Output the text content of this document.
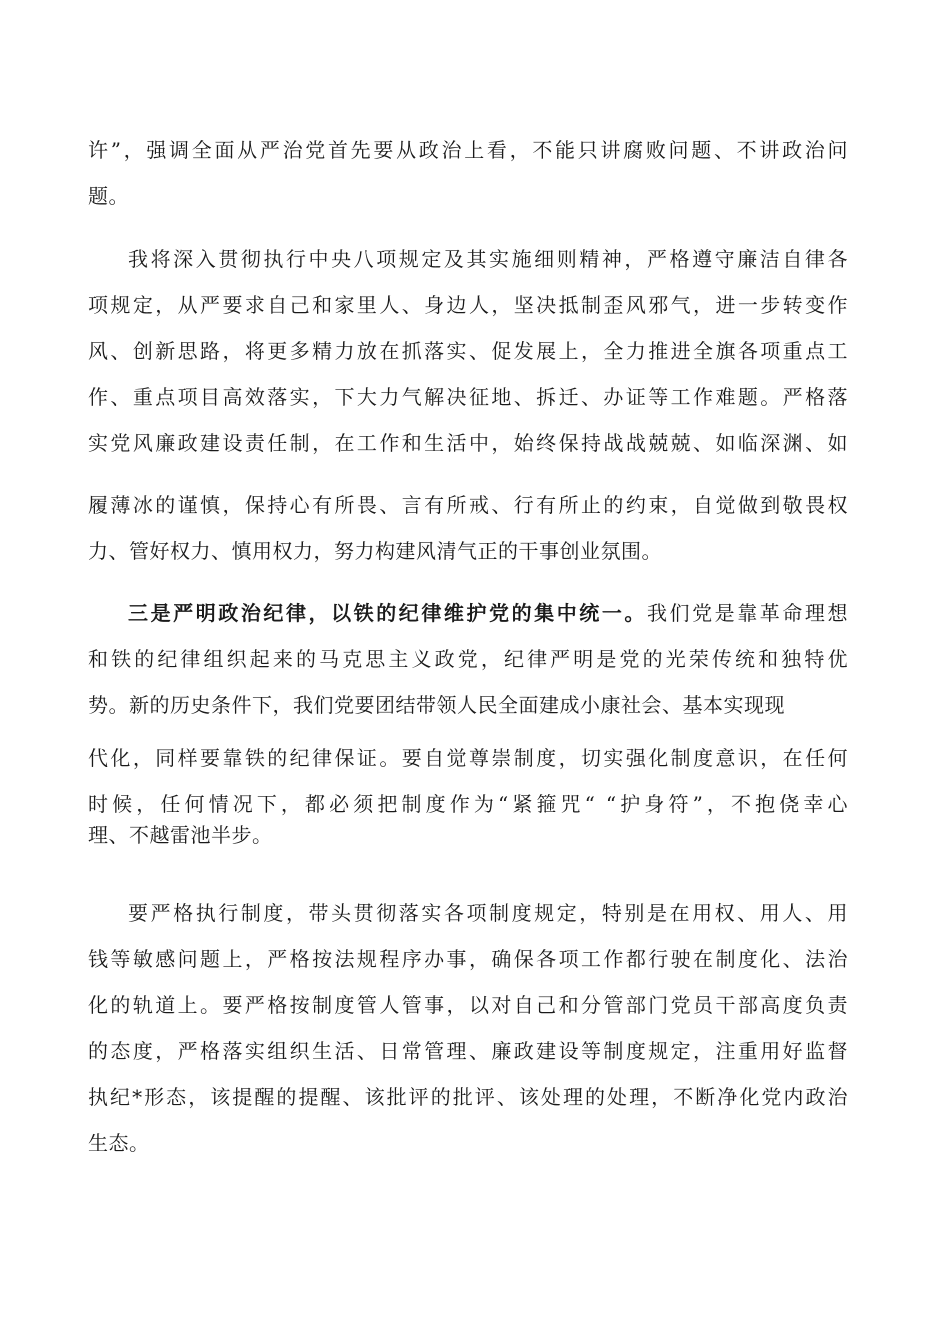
许”，强调全面从严治党首先要从政治上看，不能只讲腐败问题、不讲政治问
题。
我将深入贯彻执行中央八项规定及其实施细则精神，严格遵守廉洁自律各
项规定，从严要求自己和家里人、身边人，坚决抵制歪风邪气，进一步转变作
风、创新思路，将更多精力放在抓落实、促发展上，全力推进全旗各项重点工
作、重点项目高效落实，下大力气解决征地、拆迁、办证等工作难题。严格落
实党风廉政建设责任制，在工作和生活中，始终保持战战兢兢、如临深渊、如
履薄冰的谨慎，保持心有所畏、言有所戒、行有所止的约束，自觉做到敬畏权
力、管好权力、慎用权力，努力构建风清气正的干事创业氛围。
三是严明政治纪律，以铁的纪律维护党的集中统一。我们党是靠革命理想
和铁的纪律组织起来的马克思主义政党，纪律严明是党的光荣传统和独特优
势。新的历史条件下，我们党要团结带领人民全面建成小康社会、基本实现现
代化，同样要靠铁的纪律保证。要自觉尊崇制度，切实强化制度意识，在任何
时候，任何情况下，都必须把制度作为“紧箍咒“ “护身符”，不抱侥幸心
理、不越雷池半步。
要严格执行制度，带头贯彻落实各项制度规定，特别是在用权、用人、用
钱等敏感问题上，严格按法规程序办事，确保各项工作都行驶在制度化、法治
化的轨道上。要严格按制度管人管事，以对自己和分管部门党员干部高度负责
的态度，严格落实组织生活、日常管理、廉政建设等制度规定，注重用好监督
执纪*形态，该提醒的提醒、该批评的批评、该处理的处理，不断净化党内政治
生态。
